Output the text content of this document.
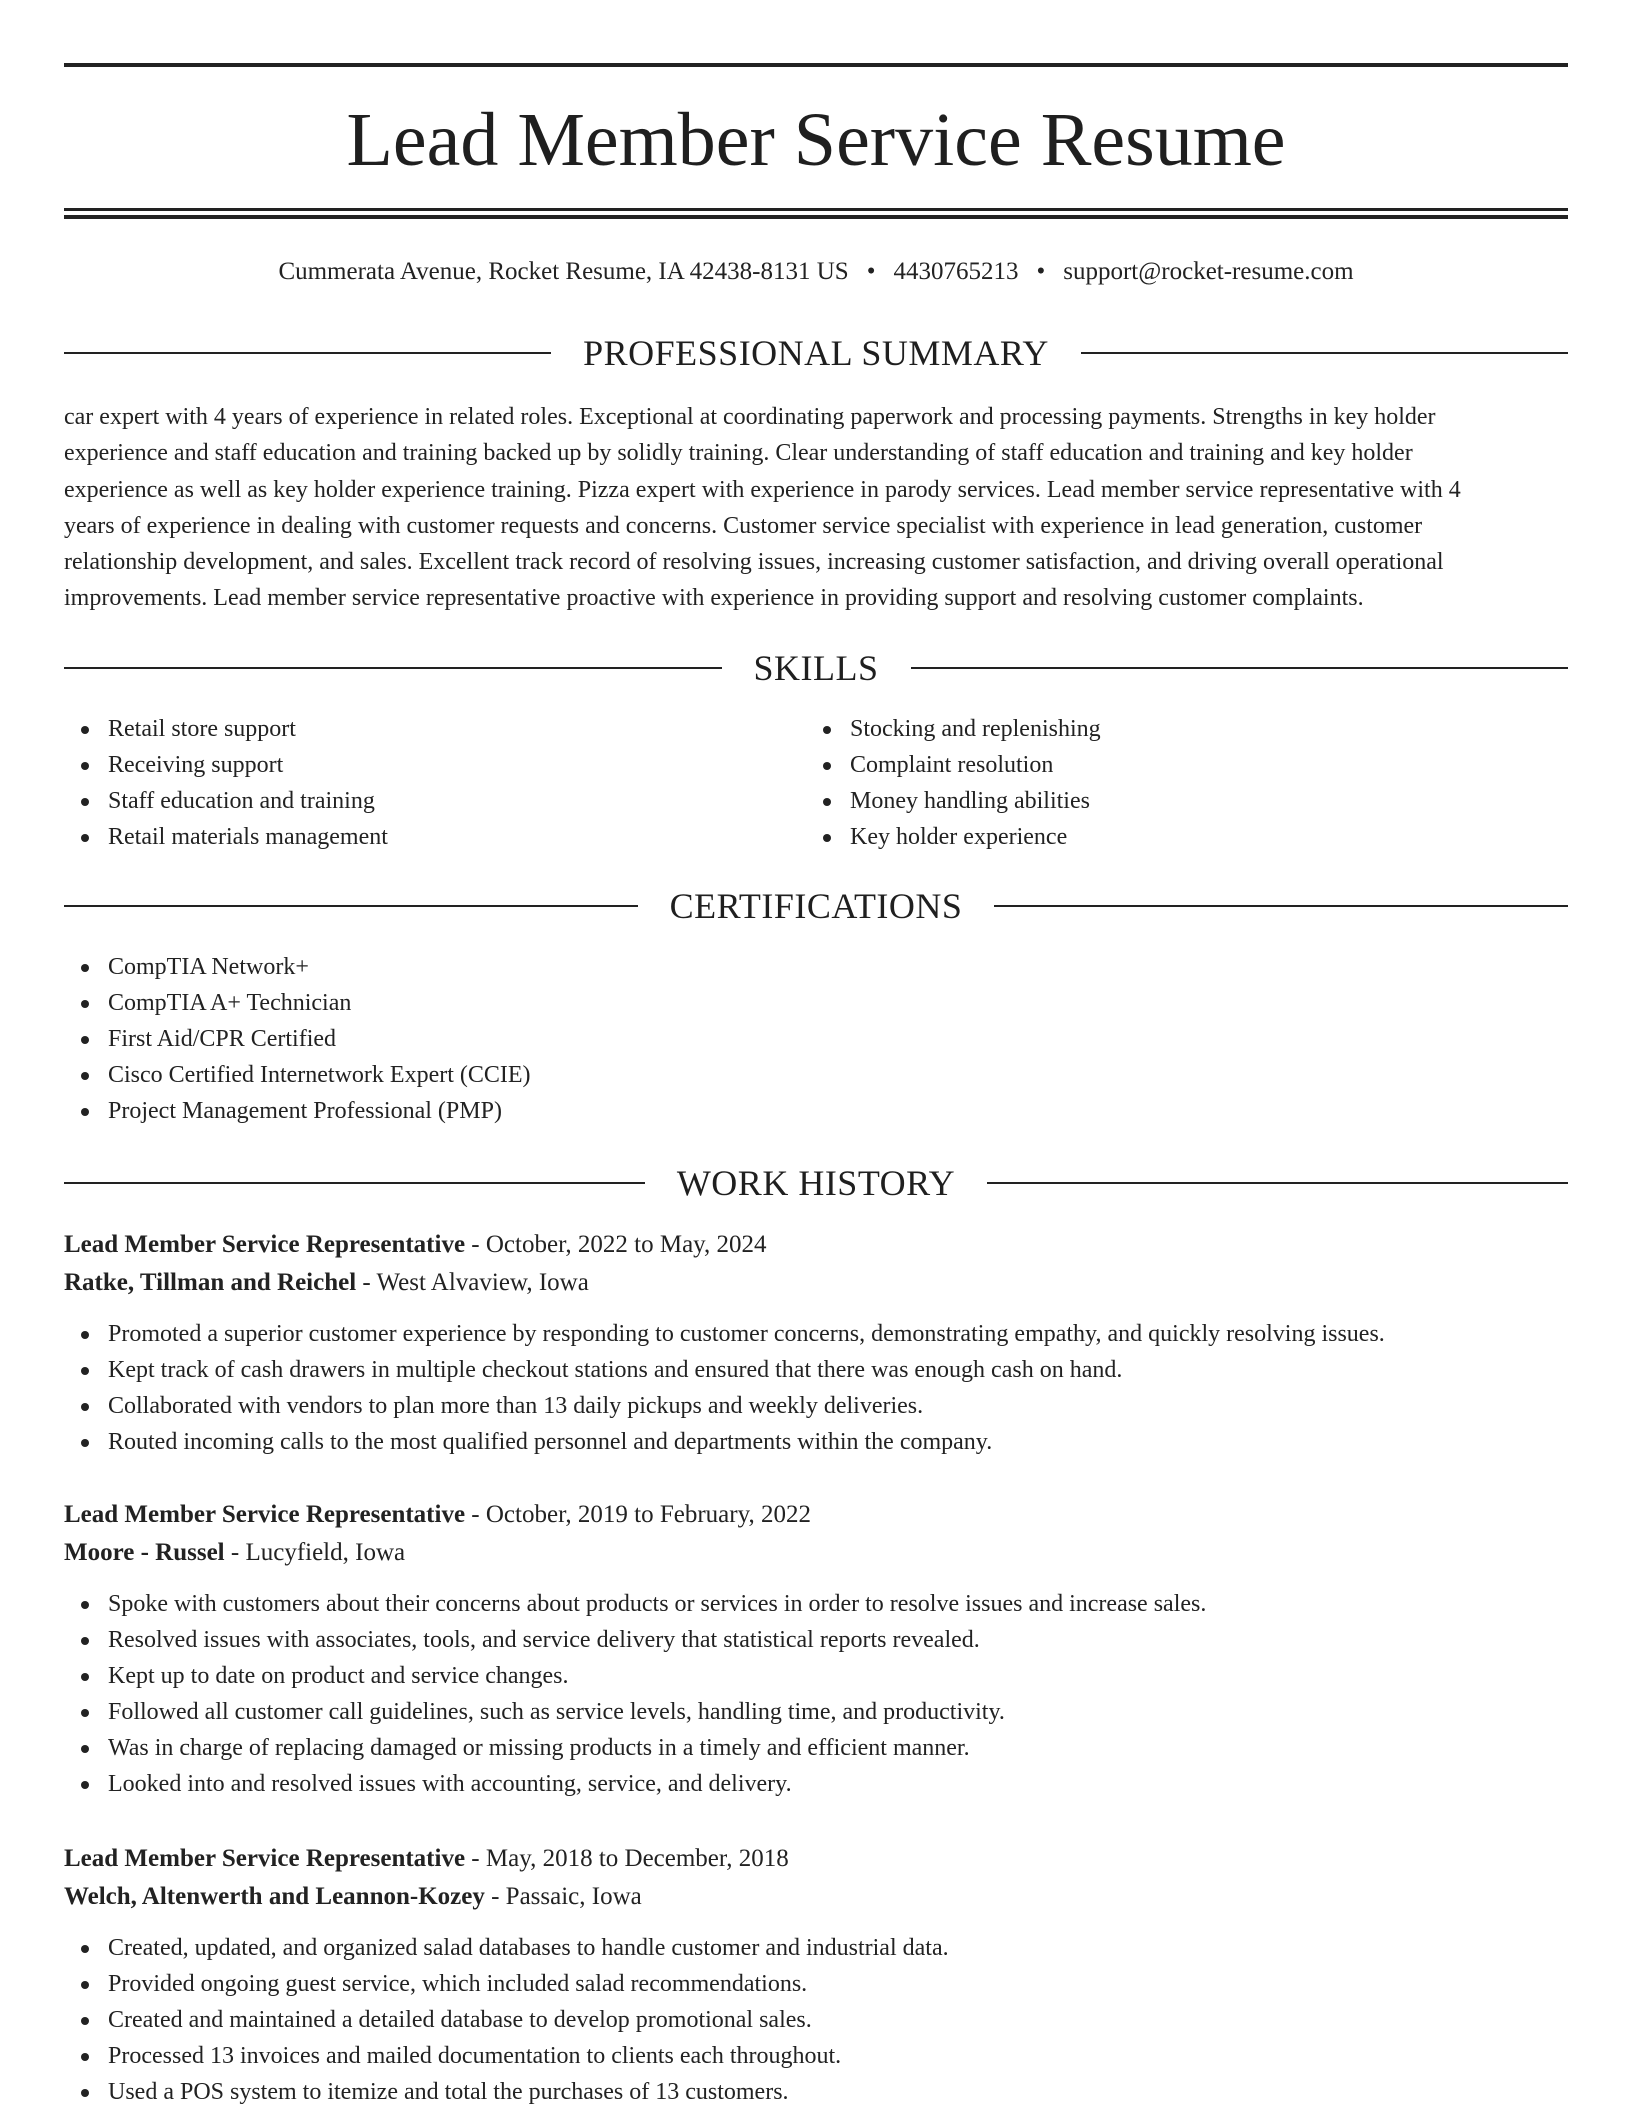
Lead Member Service Resume
Cummerata Avenue, Rocket Resume, IA 42438-8131 US • 4430765213 • support@rocket-resume.com
PROFESSIONAL SUMMARY
car expert with 4 years of experience in related roles. Exceptional at coordinating paperwork and processing payments. Strengths in key holder
experience and staff education and training backed up by solidly training. Clear understanding of staff education and training and key holder
experience as well as key holder experience training. Pizza expert with experience in parody services. Lead member service representative with 4
years of experience in dealing with customer requests and concerns. Customer service specialist with experience in lead generation, customer
relationship development, and sales. Excellent track record of resolving issues, increasing customer satisfaction, and driving overall operational
improvements. Lead member service representative proactive with experience in providing support and resolving customer complaints.
SKILLS
Retail store support
Receiving support
Staff education and training
Retail materials management
Stocking and replenishing
Complaint resolution
Money handling abilities
Key holder experience
CERTIFICATIONS
CompTIA Network+
CompTIA A+ Technician
First Aid/CPR Certified
Cisco Certified Internetwork Expert (CCIE)
Project Management Professional (PMP)
WORK HISTORY
Lead Member Service Representative - October, 2022 to May, 2024
Ratke, Tillman and Reichel - West Alvaview, Iowa
Promoted a superior customer experience by responding to customer concerns, demonstrating empathy, and quickly resolving issues.
Kept track of cash drawers in multiple checkout stations and ensured that there was enough cash on hand.
Collaborated with vendors to plan more than 13 daily pickups and weekly deliveries.
Routed incoming calls to the most qualified personnel and departments within the company.
Lead Member Service Representative - October, 2019 to February, 2022
Moore - Russel - Lucyfield, Iowa
Spoke with customers about their concerns about products or services in order to resolve issues and increase sales.
Resolved issues with associates, tools, and service delivery that statistical reports revealed.
Kept up to date on product and service changes.
Followed all customer call guidelines, such as service levels, handling time, and productivity.
Was in charge of replacing damaged or missing products in a timely and efficient manner.
Looked into and resolved issues with accounting, service, and delivery.
Lead Member Service Representative - May, 2018 to December, 2018
Welch, Altenwerth and Leannon-Kozey - Passaic, Iowa
Created, updated, and organized salad databases to handle customer and industrial data.
Provided ongoing guest service, which included salad recommendations.
Created and maintained a detailed database to develop promotional sales.
Processed 13 invoices and mailed documentation to clients each throughout.
Used a POS system to itemize and total the purchases of 13 customers.
